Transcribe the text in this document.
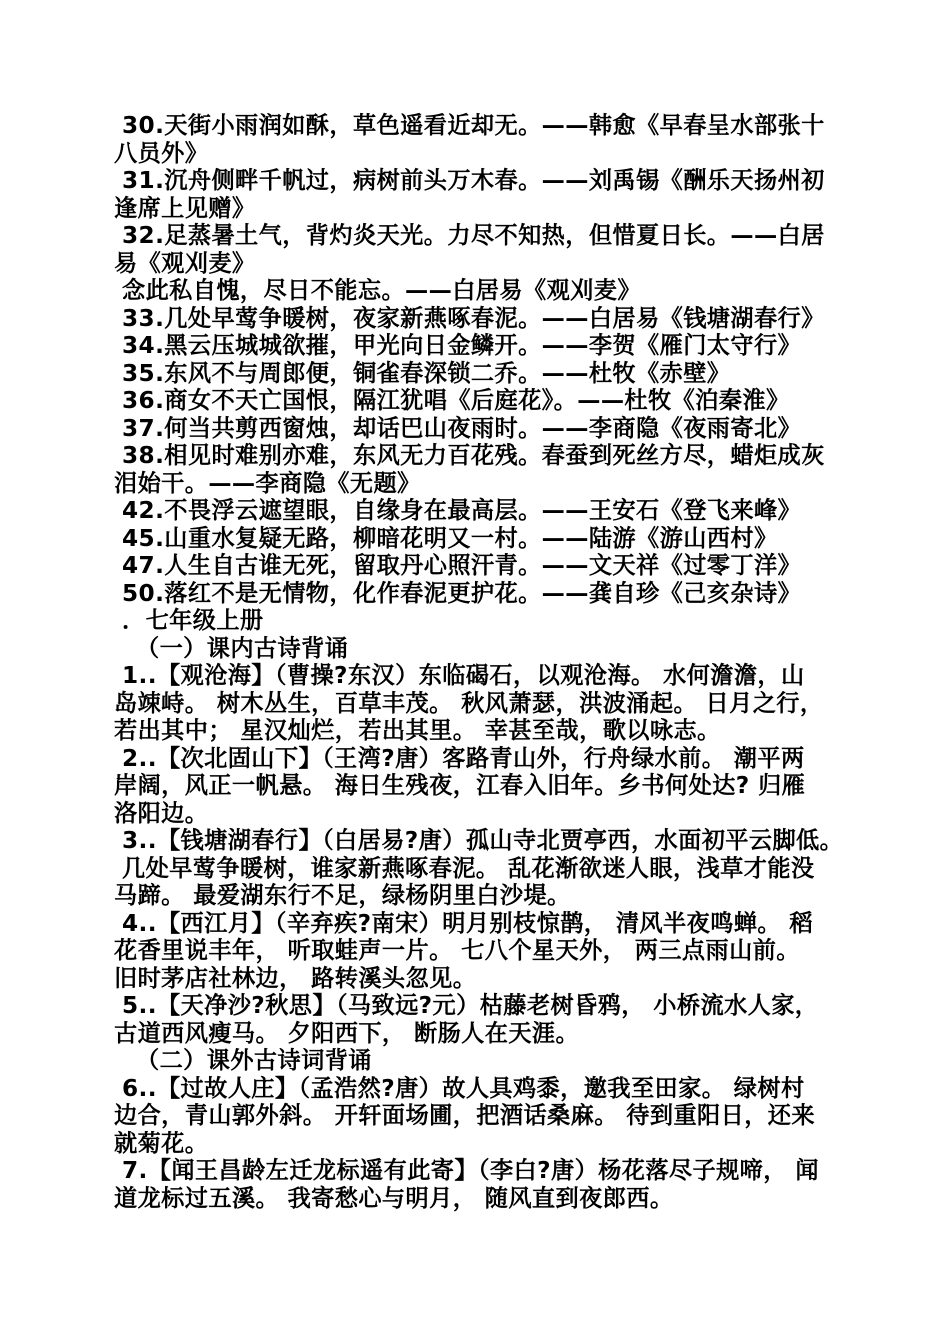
30.天街小雨润如酥，草色遥看近却无。——韩愈《早春呈水部张十
八员外》
31.沉舟侧畔千帆过，病树前头万木春。——刘禹锡《酬乐天扬州初
逢席上见赠》
32.足蒸暑土气，背灼炎天光。力尽不知热，但惜夏日长。——白居
易《观刈麦》
念此私自愧，尽日不能忘。——白居易《观刈麦》
33.几处早莺争暖树，夜家新燕啄春泥。——白居易《钱塘湖春行》
34.黑云压城城欲摧，甲光向日金鳞开。——李贺《雁门太守行》
35.东风不与周郎便，铜雀春深锁二乔。——杜牧《赤壁》
36.商女不天亡国恨，隔江犹唱《后庭花》。——杜牧《泊秦淮》
37.何当共剪西窗烛，却话巴山夜雨时。——李商隐《夜雨寄北》
38.相见时难别亦难，东风无力百花残。春蚕到死丝方尽，蜡炬成灰
泪始干。——李商隐《无题》
42.不畏浮云遮望眼，自缘身在最高层。——王安石《登飞来峰》
45.山重水复疑无路，柳暗花明又一村。——陆游《游山西村》
47.人生自古谁无死，留取丹心照汗青。——文天祥《过零丁洋》
50.落红不是无情物，化作春泥更护花。——龚自珍《己亥杂诗》
．七年级上册
（一）课内古诗背诵
1..【观沧海】（曹操?东汉）东临碣石，以观沧海。 水何澹澹，山
岛竦峙。 树木丛生，百草丰茂。 秋风萧瑟，洪波涌起。 日月之行，
若出其中； 星汉灿烂，若出其里。 幸甚至哉，歌以咏志。
2..【次北固山下】（王湾?唐）客路青山外，行舟绿水前。 潮平两
岸阔，风正一帆悬。 海日生残夜，江春入旧年。乡书何处达? 归雁
洛阳边。
3..【钱塘湖春行】（白居易?唐）孤山寺北贾亭西，水面初平云脚低。
几处早莺争暖树，谁家新燕啄春泥。 乱花渐欲迷人眼，浅草才能没
马蹄。 最爱湖东行不足，绿杨阴里白沙堤。
4..【西江月】（辛弃疾?南宋）明月别枝惊鹊， 清风半夜鸣蝉。 稻
花香里说丰年， 听取蛙声一片。 七八个星天外， 两三点雨山前。
旧时茅店社林边， 路转溪头忽见。
5..【天净沙?秋思】（马致远?元）枯藤老树昏鸦， 小桥流水人家，
古道西风瘦马。 夕阳西下， 断肠人在天涯。
（二）课外古诗词背诵
6..【过故人庄】（孟浩然?唐）故人具鸡黍，邀我至田家。 绿树村
边合，青山郭外斜。 开轩面场圃，把酒话桑麻。 待到重阳日，还来
就菊花。
7.【闻王昌龄左迁龙标遥有此寄】（李白?唐）杨花落尽子规啼， 闻
道龙标过五溪。 我寄愁心与明月， 随风直到夜郎西。
